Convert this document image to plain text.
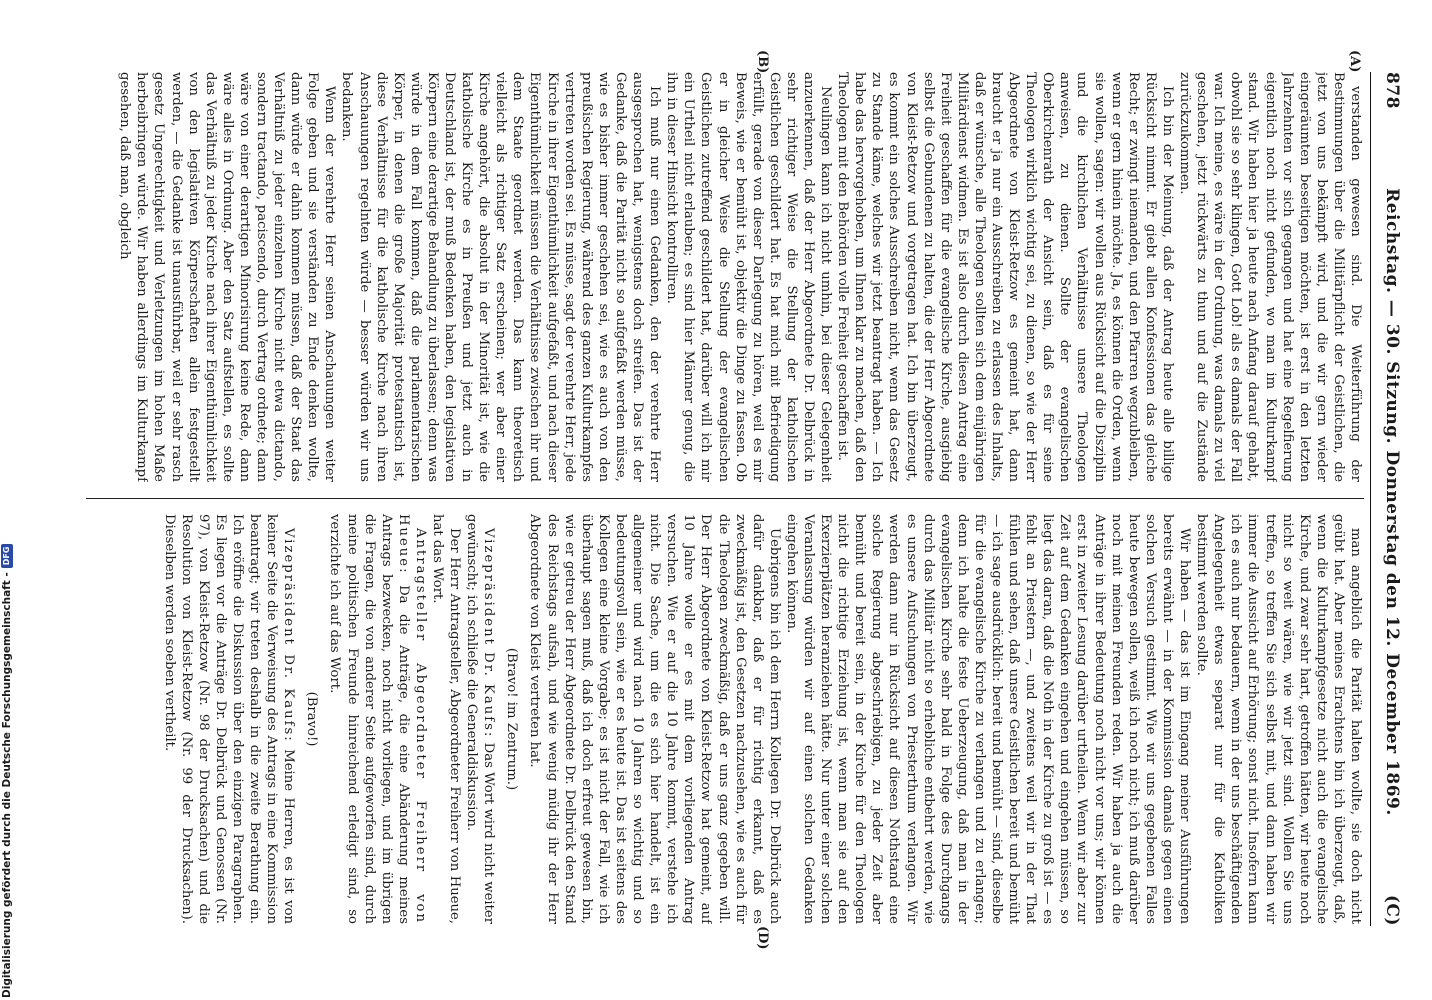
878
Reichstag. — 30. Sitzung. Donnerstag den 12. December 1869.
(C)
(A)
(B)
(D)

verstanden gewesen sind. Die Weiterführung der Bestimmungen über die Militärpflicht der Geistlichen, die jetzt von uns bekämpft wird, und die wir gern wieder eingeräumten beseitigen möchten, ist erst in den letzten Jahrzehnten vor sich gegangen und hat eine Regelfierung eigentlich noch nicht gefunden, wo man im Kulturkampf stand. Wir haben hier ja heute nach Anfang darauf gehabt, obwohl sie so sehr klingen, Gott Lob! als es damals der Fall war. Ich meine, es wäre in der Ordnung, was damals zu viel geschehen, jetzt rückwärts zu thun und auf die Zustände zurückzukommen.

Ich bin der Meinung, daß der Antrag heute alle billige Rücksicht nimmt. Er giebt allen Konfessionen das gleiche Recht; er zwingt niemanden, und den Pfarren wegzubleiben, wenn er gern hinein möchte. Ja, es können die Orden, wenn sie wollen, sagen: wir wollen aus Rücksicht auf die Disziplin und die kirchlichen Verhältnisse unsere Theologen anweisen, zu dienen. Sollte der evangelischen Oberkirchenrath der Ansicht sein, daß es für seine Theologen wirklich wichtig sei, zu dienen, so wie der Herr Abgeordnete von Kleist-Retzow es gemeint hat, dann braucht er ja nur ein Ausschreiben zu erlassen des Inhalts, daß er wünsche, alle Theologen sollten sich dem einjährigen Militärdienst widmen. Es ist also durch diesen Antrag eine Freiheit geschaffen für die evangelische Kirche, ausgiebig selbst die Gebundenen zu halten, die der Herr Abgeordnete von Kleist-Retzow und vorgetragen hat. Ich bin überzeugt, es kommt ein solches Ausschreiben nicht, wenn das Gesetz zu Stande käme, welches wir jetzt beantragt haben. — Ich habe das hervorgehoben, um Ihnen klar zu machen, daß den Theologen mit den Behörden volle Freiheit geschaffen ist.

Neulingen kann ich nicht umhin, bei dieser Gelegenheit anzuerkennen, daß der Herr Abgeordnete Dr. Delbrück in sehr richtiger Weise die Stellung der katholischen Geistlichen geschildert hat. Es hat mich mit Befriedigung erfüllt, gerade von dieser Darlegung zu hören, weil es mir Beweis, wie er bemüht ist, objektiv die Dinge zu fassen. Ob er in gleicher Weise die Stellung der evangelischen Geistlichen zutreffend geschildert hat, darüber will ich mir ein Urtheil nicht erlauben; es sind hier Männer genug, die ihn in dieser Hinsicht kontrolliren.

Ich muß nur einen Gedanken, den der verehrte Herr ausgesprochen hat, wenigstens doch streifen. Das ist der Gedanke, daß die Parität nicht so aufgefaßt werden müsse, wie es bisher immer geschehen sei, wie es auch von den preußischen Regierung, während des ganzen Kulturkampfes vertreten worden sei. Es müsse, sagt der verehrte Herr, jede Kirche in ihrer Eigenthümlichkeit aufgefaßt, und nach dieser Eigenthümlichkeit müssen die Verhältnisse zwischen ihr und dem Staate geordnet werden. Das kann theoretisch vielleicht als richtiger Satz erscheinen; wer aber einer Kirche angehört, die absolut in der Minorität ist, wie die katholische Kirche es in Preußen und jetzt auch in Deutschland ist, der muß Bedenken haben, den legislativen Körpern eine derartige Behandlung zu überlassen; denn was würde in dem Fall kommen, daß die parlamentarischen Körper, in denen die große Majorität protestantisch ist, diese Verhältnisse für die katholische Kirche nach ihren Anschauungen regelnten würde — besser würden wir uns bedanken.

Wenn der verehrte Herr seinen Anschauungen weiter Folge geben und sie verständen zu Ende denken wollte, dann würde er dahin kommen müssen, daß der Staat das Verhältniß zu jeder einzelnen Kirche nicht etwa dictando, sondern tractando, paciscendo, durch Vertrag ordnete; dann wäre von einer derartigen Minorisirung keine Rede, dann wäre alles in Ordnung. Aber den Satz aufstellen, es sollte das Verhältniß zu jeder Kirche nach ihrer Eigenthümlichkeit von den legislativen Körperschaften allein festgestellt werden, — die Gedanke ist unausführbar, weil er sehr rasch gesetz Ungerechtigkeit und Verletzungen im hohen Maße herbeibringen würde. Wir haben allerdings im Kulturkampf gesehen, daß man, obgleich

man angeblich die Parität halten wollte, sie doch nicht geübt hat. Aber meines Erachtens bin ich überzeugt, daß, wenn die Kulturkampfgesetze nicht auch die evangelische Kirche, und zwar sehr hart, getroffen hätten, wir heute noch nicht so weit wären, wie wir jetzt sind. Wollen Sie uns treffen, so treffen Sie sich selbst mit, und dann haben wir immer die Aussicht auf Erhörung; sonst nicht. Insofern kann ich es auch nur bedauern, wenn in der uns beschäftigenden Angelegenheit etwas separat nur für die Katholiken bestimmt werden sollte.

Wir haben — das ist im Eingang meiner Ausführungen bereits erwähnt — in der Kommission damals gegen einen solchen Versuch gestimmt. Wie wir uns gegebenen Falles heute bewegen sollen, weiß ich noch nicht; ich muß darüber noch mit meinen Freunden reden. Wir haben ja auch die Anträge in ihrer Bedeutung noch nicht vor uns; wir können erst in zweiter Lesung darüber urtheilen. Wenn wir aber zur Zeit auf dem Gedanken eingehen und eingehen müssen, so liegt das daran, daß die Noth in der Kirche zu groß ist — es fehlt an Priestern —, und zweitens weil wir in der That fühlen und sehen, daß unsere Geistlichen bereit und bemüht — ich sage ausdrücklich: bereit und bemüht — sind, dieselbe für die evangelische Kirche zu verlangen und zu erlangen; denn ich halte die feste Ueberzeugung, daß man in der evangelischen Kirche sehr bald in Folge des Durchgangs durch das Militär nicht so erhebliche entbehrt werden, wie es unsere Aufsuchungen von Priesterthum verlangen. Wir werden dann nur in Rücksicht auf diesen Nothstand eine solche Regierung abgeschriebigen, zu jeder Zeit aber bemüht und bereit sein, in der Kirche für den Theologen nicht die richtige Erziehung ist, wenn man sie auf den Exerzierplätzen heranziehen hätte. Nur unter einer solchen Veranlassung würden wir auf einen solchen Gedanken eingehen können.

Uebrigens bin ich dem Herrn Kollegen Dr. Delbrück auch dafür dankbar, daß er für richtig erkannt, daß es zweckmäßig ist, den Gesetzen nachzusehen, wie es auch für die Theologen zweckmäßig, daß er uns ganz gegeben will. Der Herr Abgeordnete von Kleist-Retzow hat gemeint, auf 10 Jahre wolle er es mit dem vorliegenden Antrag versuchen. Wie er auf die 10 Jahre kommt, verstehe ich nicht. Die Sache, um die es sich hier handelt, ist ein allgemeiner und wird nach 10 Jahren so wichtig und so bedeutungsvoll sein, wie er es heute ist. Das ist seitens des Kollegen eine kleine Vorgabe; es ist nicht der Fall, wie ich überhaupt sagen muß, daß ich doch erfreut gewesen bin, wie er getreu der Herr Abgeordnete Dr. Delbrück den Stand des Reichstags aufsah, und wie wenig müdig ihr der Herr Abgeordnete von Kleist vertreten hat.

(Bravo! im Zentrum.)

Vizepräsident Dr. Kaufs: Das Wort wird nicht weiter gewünscht; ich schließe die Generaldiskussion.

Der Herr Antragsteller, Abgeordneter Freiherr von Hueue, hat das Wort.

Antragsteller Abgeordneter Freiherr von Hueue: Da die Anträge, die eine Abänderung meines Antrags bezwecken, noch nicht vorliegen, und im übrigen die Fragen, die von anderer Seite aufgeworfen sind, durch meine politischen Freunde hinreichend erledigt sind, so verzichte ich auf das Wort.

(Bravo!)

Vizepräsident Dr. Kaufs: Meine Herren, es ist von keiner Seite die Verweisung des Antrags in eine Kommission beantragt; wir treten deshalb in die zweite Berathung ein. Ich eröffne die Diskussion über den einzigen Paragraphen. Es liegen vor die Anträge Dr. Delbrück und Genossen (Nr. 97), von Kleist-Retzow (Nr. 98 der Drucksachen) und die Resolution von Kleist-Retzow (Nr. 99 der Drucksachen). Dieselben werden soeben vertheilt.

Digitalisierung gefördert durch die Deutsche Forschungsgemeinschaft -
DFG
